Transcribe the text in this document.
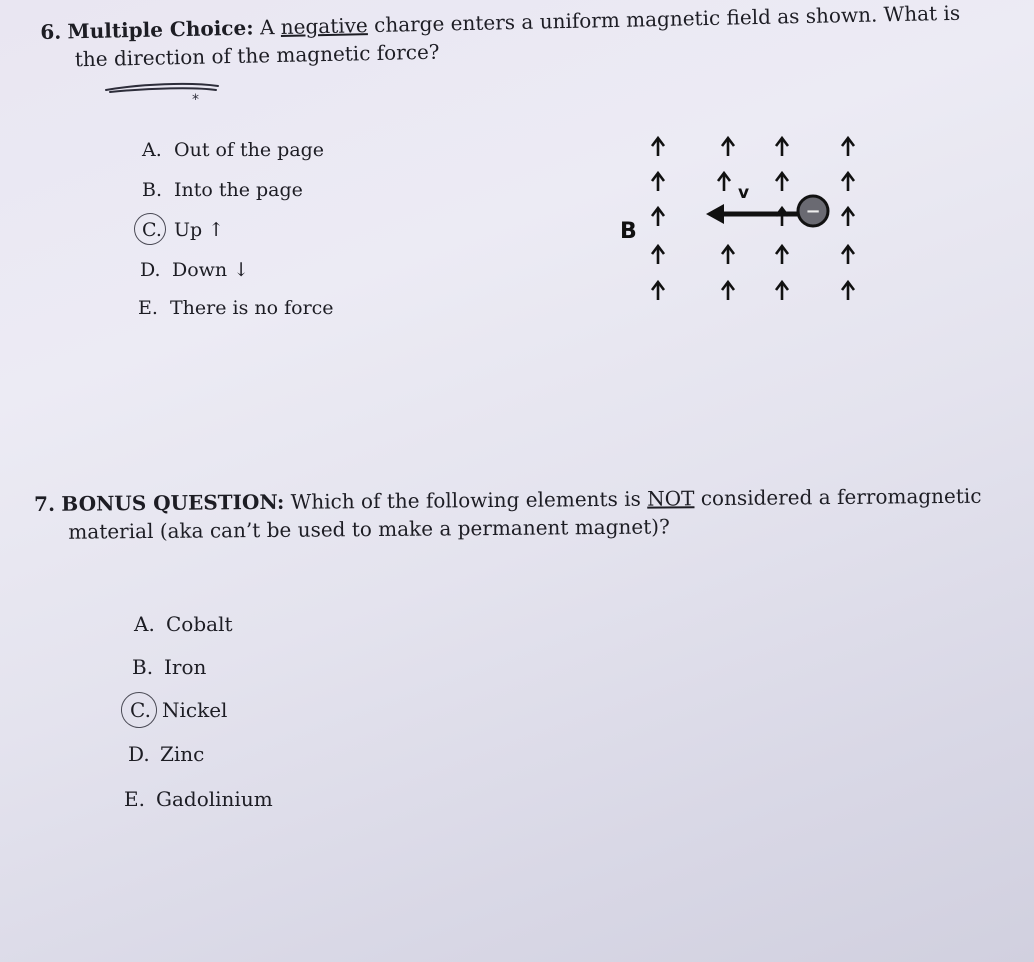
6. Multiple Choice: A negative charge enters a uniform magnetic field as shown. What is the direction of the magnetic force?
*
A. Out of the page
B. Into the page
C. Up ↑
D. Down ↓
E. There is no force
B
v
−
7. BONUS QUESTION: Which of the following elements is NOT considered a ferromagnetic material (aka can’t be used to make a permanent magnet)?
A. Cobalt
B. Iron
C. Nickel
D. Zinc
E. Gadolinium
